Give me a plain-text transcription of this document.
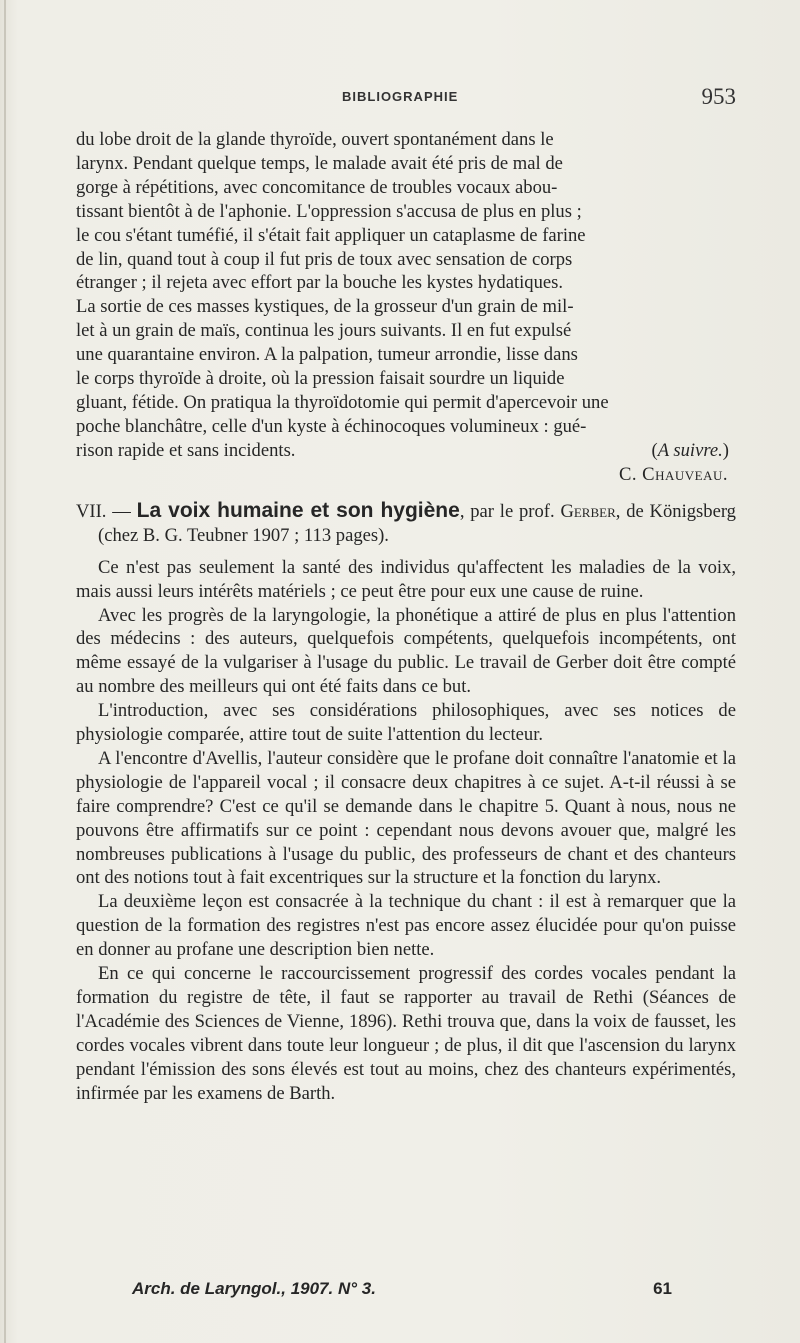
BIBLIOGRAPHIE	953
du lobe droit de la glande thyroïde, ouvert spontanément dans le
larynx. Pendant quelque temps, le malade avait été pris de mal de
gorge à répétitions, avec concomitance de troubles vocaux abou-
tissant bientôt à de l'aphonie. L'oppression s'accusa de plus en plus ;
le cou s'étant tuméfié, il s'était fait appliquer un cataplasme de farine
de lin, quand tout à coup il fut pris de toux avec sensation de corps
étranger ; il rejeta avec effort par la bouche les kystes hydatiques.
La sortie de ces masses kystiques, de la grosseur d'un grain de mil-
let à un grain de maïs, continua les jours suivants. Il en fut expulsé
une quarantaine environ. A la palpation, tumeur arrondie, lisse dans
le corps thyroïde à droite, où la pression faisait sourdre un liquide
gluant, fétide. On pratiqua la thyroïdotomie qui permit d'apercevoir une
poche blanchâtre, celle d'un kyste à échinocoques volumineux : gué-
rison rapide et sans incidents.	(A suivre.)
C. Chauveau.
VII. — La voix humaine et son hygiène, par le prof. Gerber, de Königsberg (chez B. G. Teubner 1907 ; 113 pages).

Ce n'est pas seulement la santé des individus qu'affectent les maladies de la voix, mais aussi leurs intérêts matériels ; ce peut être pour eux une cause de ruine.

Avec les progrès de la laryngologie, la phonétique a attiré de plus en plus l'attention des médecins : des auteurs, quelquefois compétents, quelquefois incompétents, ont même essayé de la vulgariser à l'usage du public. Le travail de Gerber doit être compté au nombre des meilleurs qui ont été faits dans ce but.

L'introduction, avec ses considérations philosophiques, avec ses notices de physiologie comparée, attire tout de suite l'attention du lecteur.

A l'encontre d'Avellis, l'auteur considère que le profane doit connaître l'anatomie et la physiologie de l'appareil vocal ; il consacre deux chapitres à ce sujet. A-t-il réussi à se faire comprendre? C'est ce qu'il se demande dans le chapitre 5. Quant à nous, nous ne pouvons être affirmatifs sur ce point : cependant nous devons avouer que, malgré les nombreuses publications à l'usage du public, des professeurs de chant et des chanteurs ont des notions tout à fait excentriques sur la structure et la fonction du larynx.

La deuxième leçon est consacrée à la technique du chant : il est à remarquer que la question de la formation des registres n'est pas encore assez élucidée pour qu'on puisse en donner au profane une description bien nette.

En ce qui concerne le raccourcissement progressif des cordes vocales pendant la formation du registre de tête, il faut se rapporter au travail de Rethi (Séances de l'Académie des Sciences de Vienne, 1896). Rethi trouva que, dans la voix de fausset, les cordes vocales vibrent dans toute leur longueur ; de plus, il dit que l'ascension du larynx pendant l'émission des sons élevés est tout au moins, chez des chanteurs expérimentés, infirmée par les examens de Barth.

Arch. de Laryngol., 1907. N° 3.	61
